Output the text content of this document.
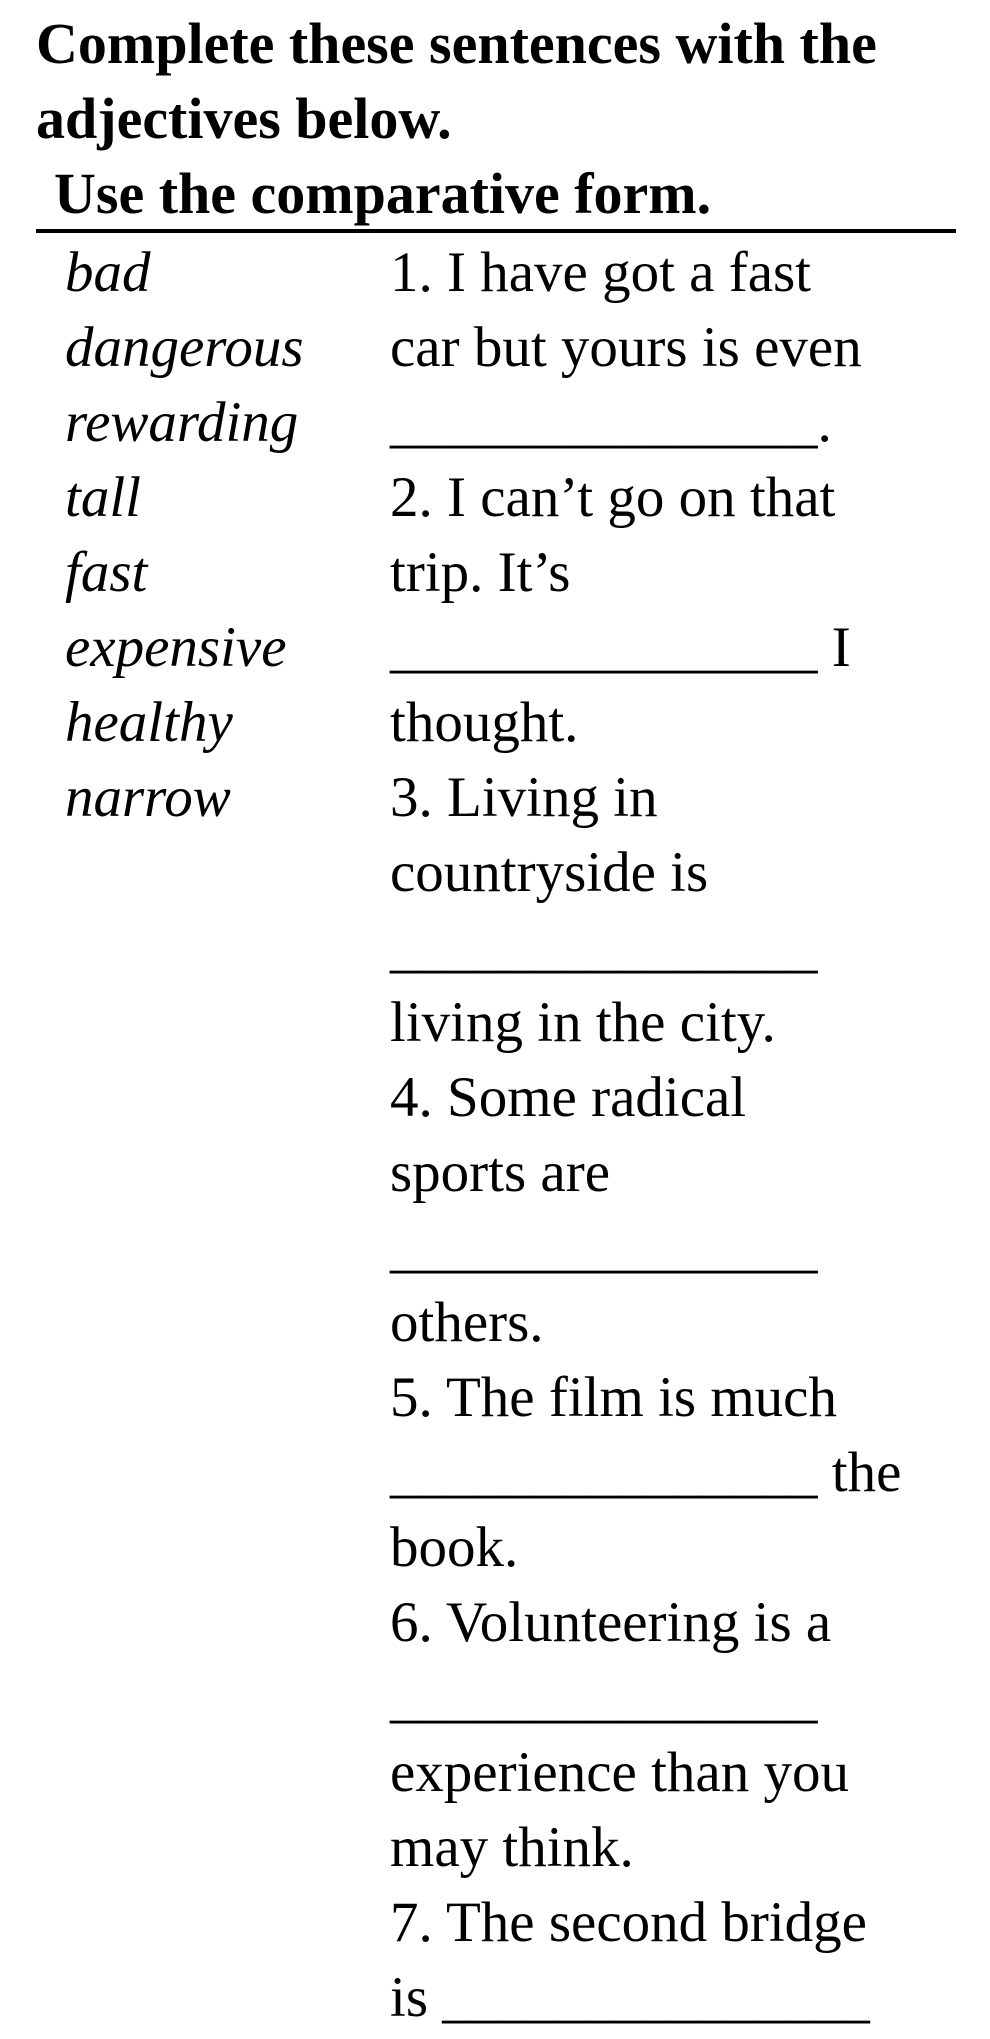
Complete these sentences with the
adjectives below.
Use the comparative form.
bad
dangerous
rewarding
tall
fast
expensive
healthy
narrow
1. I have got a fast
car but yours is even
_______________.
2. I can’t go on that
trip. It’s
_______________ I
thought.
3. Living in
countryside is
_______________
living in the city.
4. Some radical
sports are
_______________
others.
5. The film is much
_______________ the
book.
6. Volunteering is a
_______________
experience than you
may think.
7. The second bridge
is _______________
